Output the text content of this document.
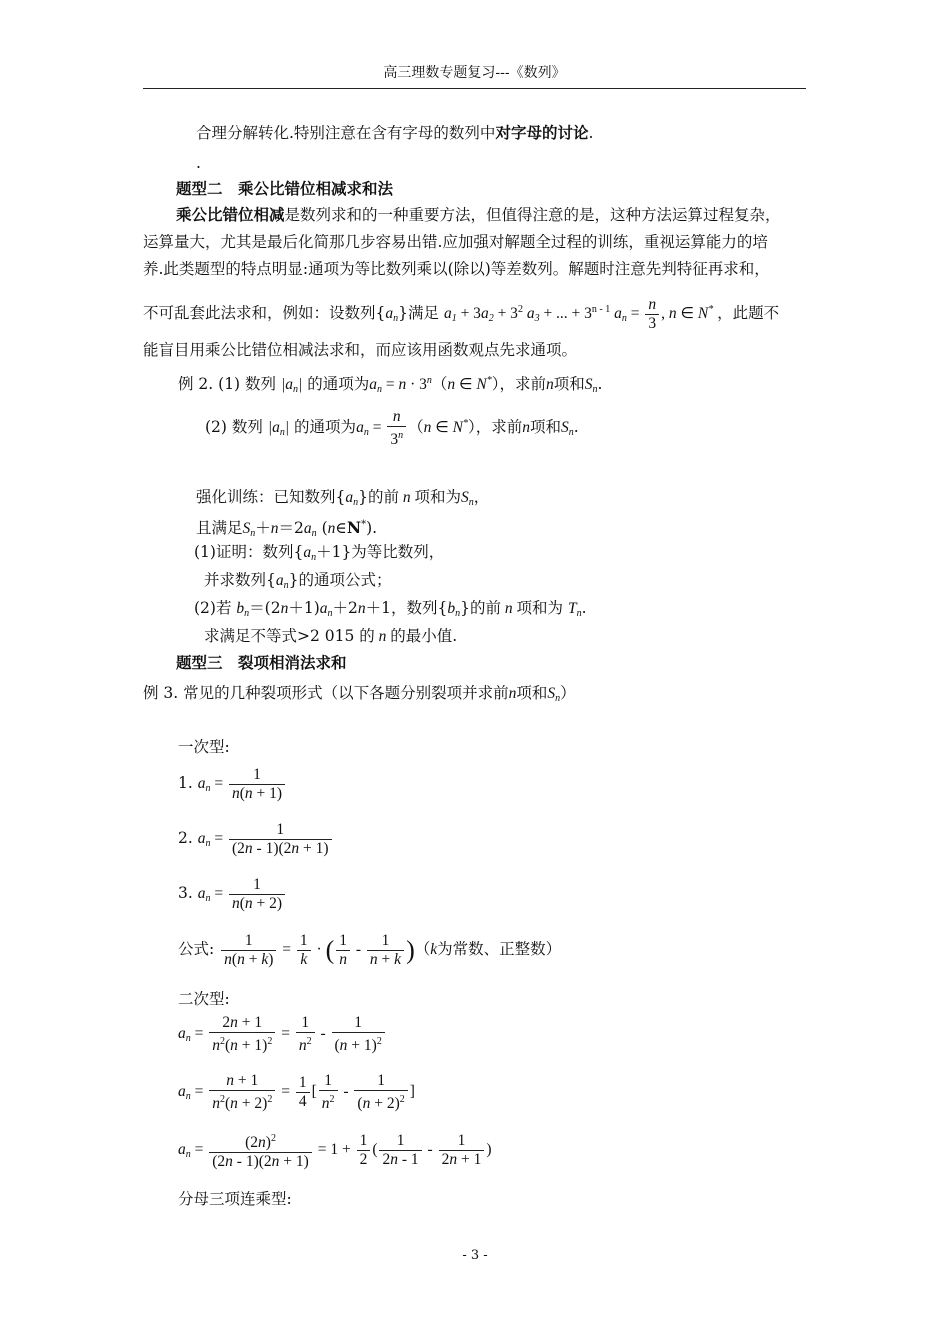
高三理数专题复习---《数列》
合理分解转化.特别注意在含有字母的数列中对字母的讨论.
.
题型二　乘公比错位相减求和法
乘公比错位相减是数列求和的一种重要方法，但值得注意的是，这种方法运算过程复杂，
运算量大，尤其是最后化简那几步容易出错.应加强对解题全过程的训练，重视运算能力的培
养.此类题型的特点明显:通项为等比数列乘以(除以)等差数列。解题时注意先判特征再求和，
不可乱套此法求和，例如：设数列$\{a_n\}$满足 $a_1 + 3a_2 + 3^2$ $a_3$ + ... + $3^{n - 1}$ $a_n = \frac{n}{3}$ , n ∈ N* ，此题不
能盲目用乘公比错位相减法求和，而应该用函数观点先求通项。
例 2. (1) 数列 $|a_n|$ 的通项为$a_n = n \cdot 3^n(n$ ∈ N*），求前n项和$S_n$.
(2) 数列 $|a_n|$ 的通项为$a_n = \frac{n}{3^n} (n$ ∈ N*），求前n项和$S_n$.
强化训练：已知数列$\{a_n\}$的前 n 项和为$S_n$，
且满足$S_n+n=2a_n$ (n∈N*).
(1)证明：数列$\{a_n+1\}$为等比数列，
并求数列$\{a_n\}$的通项公式；
(2)若 $b_n=(2n+1)a_n+2n+1$，数列$\{b_n\}$的前 n 项和为 $T_n$.
求满足不等式>2 015 的 n 的最小值.
题型三　裂项相消法求和
例 3. 常见的几种裂项形式（以下各题分别裂项并求前n项和$S_n$）
一次型:
1. $a_n = \frac{1}{n(n + 1)}$
2. $a_n = \frac{1}{(2n - 1)(2n + 1)}$
3. $a_n = \frac{1}{n(n + 2)}$
公式: $\frac{1}{n(n + k)} = \frac{1}{k}$ · ( $\frac{1}{n} - \frac{1}{n + k} )(k$为常数、正整数）
二次型:
$a_n = \frac{2n + 1}{n^2(n + 1)^2} = \frac{1}{n^2} - \frac{1}{(n + 1)^2}$
$a_n = \frac{n + 1}{n^2(n + 2)^2} = \frac{1}{4}$ [ $\frac{1}{n^2} - \frac{1}{(n + 2)^2}$ ]
$a_n = \frac{(2n)^2}{(2n - 1)(2n + 1)} = 1 + \frac{1}{2}$ ( $\frac{1}{2n - 1} - \frac{1}{2n + 1}$ )
分母三项连乘型:
- 3 -
